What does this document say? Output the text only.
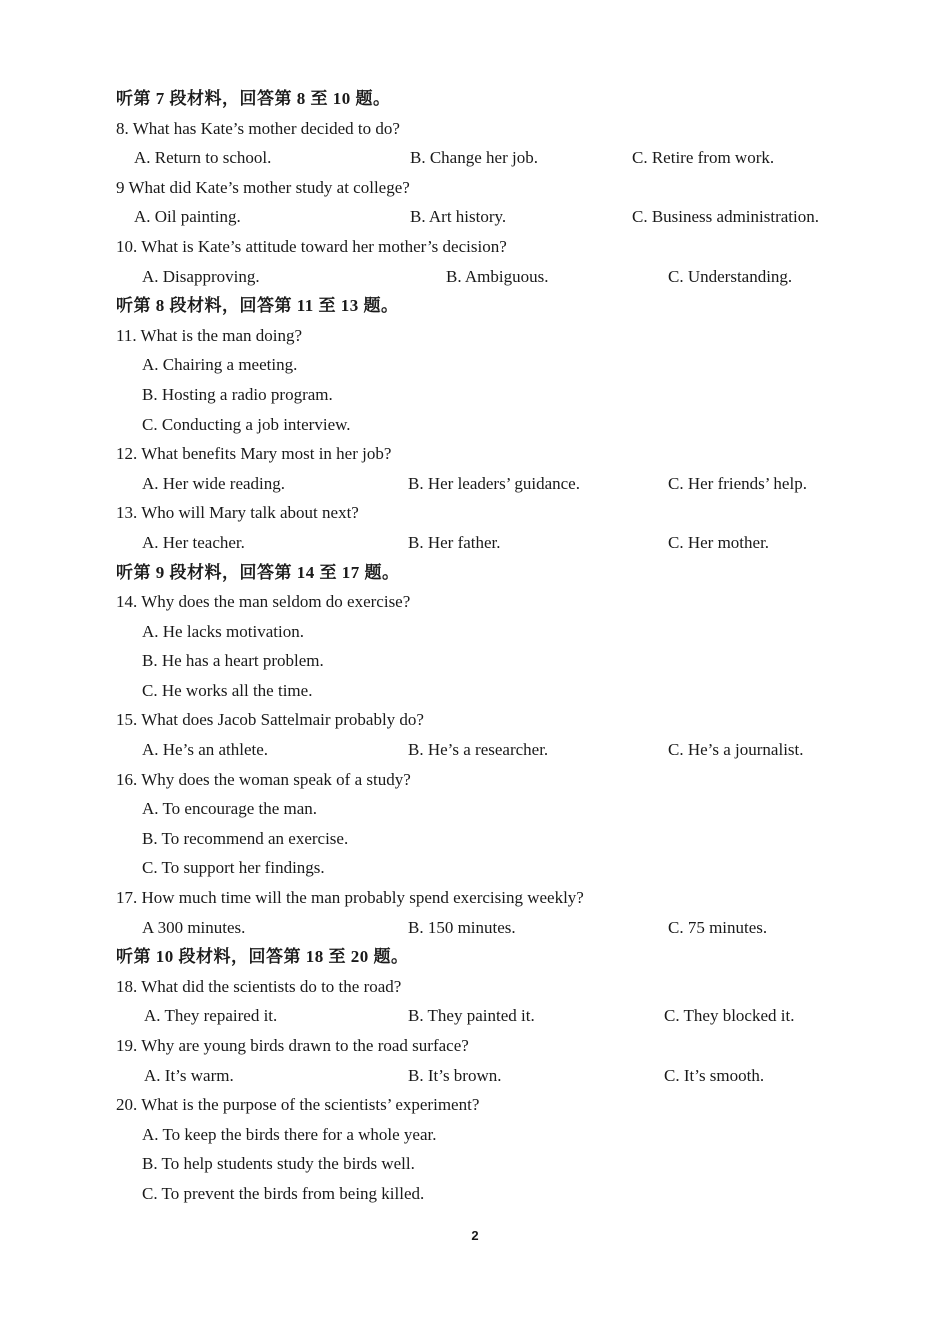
听第 7 段材料，回答第 8 至 10 题。
8. What has Kate’s mother decided to do?
A. Return to school.	B. Change her job.	C. Retire from work.
9 What did Kate’s mother study at college?
A. Oil painting.	B. Art history.	C. Business administration.
10. What is Kate’s attitude toward her mother’s decision?
A. Disapproving.	B. Ambiguous.	C. Understanding.
听第 8 段材料，回答第 11 至 13 题。
11. What is the man doing?
A. Chairing a meeting.
B. Hosting a radio program.
C. Conducting a job interview.
12. What benefits Mary most in her job?
A. Her wide reading.	B. Her leaders’ guidance.	C. Her friends’ help.
13. Who will Mary talk about next?
A. Her teacher.	B. Her father.	C. Her mother.
听第 9 段材料，回答第 14 至 17 题。
14. Why does the man seldom do exercise?
A. He lacks motivation.
B. He has a heart problem.
C. He works all the time.
15. What does Jacob Sattelmair probably do?
A. He’s an athlete.	B. He’s a researcher.	C. He’s a journalist.
16. Why does the woman speak of a study?
A. To encourage the man.
B. To recommend an exercise.
C. To support her findings.
17. How much time will the man probably spend exercising weekly?
A 300 minutes.	B. 150 minutes.	C. 75 minutes.
听第 10 段材料，回答第 18 至 20 题。
18. What did the scientists do to the road?
A. They repaired it.	B. They painted it.	C. They blocked it.
19. Why are young birds drawn to the road surface?
A. It’s warm.	B. It’s brown.	C. It’s smooth.
20. What is the purpose of the scientists’ experiment?
A. To keep the birds there for a whole year.
B. To help students study the birds well.
C. To prevent the birds from being killed.
2
